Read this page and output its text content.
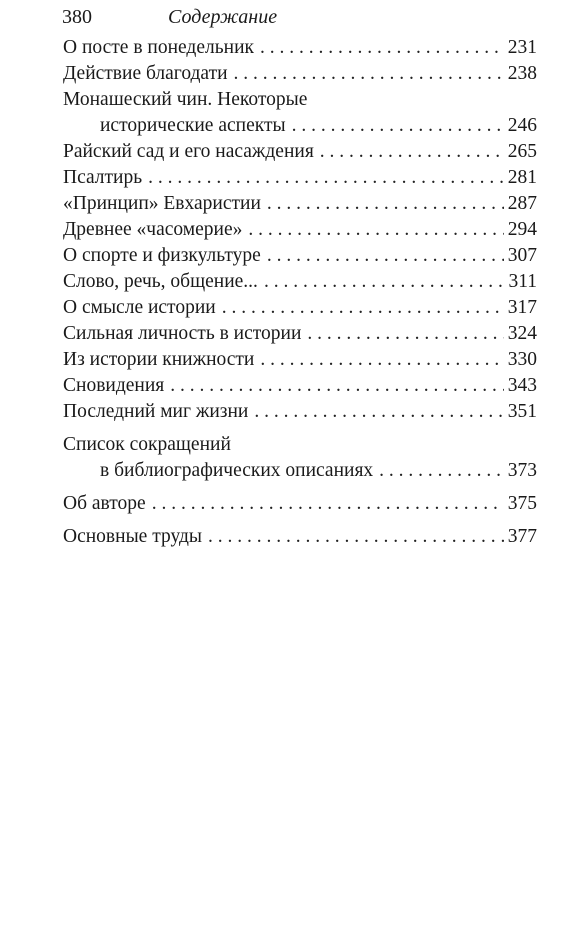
380	Содержание
О посте в понедельник . . .	231
Действие благодати . . .	238
Монашеский чин. Некоторые
исторические аспекты . . .	246
Райский сад и его насаждения . . .	265
Псалтирь . . .	281
«Принцип» Евхаристии . . .	287
Древнее «часомерие» . . .	294
О спорте и физкультуре . . .	307
Слово, речь, общение... . . .	311
О смысле истории . . .	317
Сильная личность в истории . . .	324
Из истории книжности . . .	330
Сновидения . . .	343
Последний миг жизни . . .	351
Список сокращений
в библиографических описаниях . . .	373
Об авторе . . .	375
Основные труды . . .	377
